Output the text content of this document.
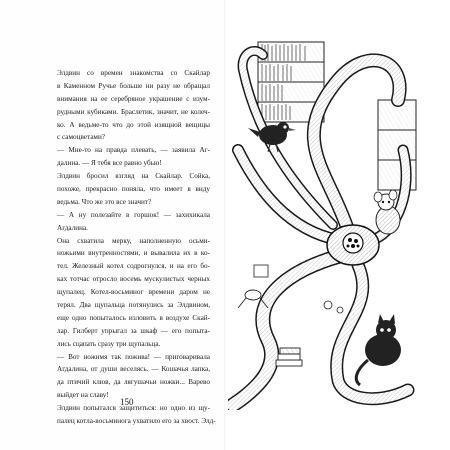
Элдвин со времен знакомства со Скайлар
в Каменном Ручье больше ни разу не обращал
внимания на ее серебряное украшение с изум-
рудными кубиками. Браслетик, значит, не колеч-
ко. А ведьме-то что до этой изящной вещицы
с самоцветами?
— Мне-то на правда плевать, — заявила Аг-
далина. — Я тебя все равно убью!
Элдвин бросил взгляд на Скайлар. Сойка,
похоже, прекрасно поняла, что имеет в виду
ведьма. Что же это все значит?
— А ну полезайте в горшок! — захихикала
Агдалина.
Она схватила мерку, наполненную осьми-
ножьими внутренностями, и вывалила их в ко-
тел. Железный котел содрогнулся, и на его бо-
ках тотчас отросло восемь мускулистых черных
щупалец. Котел-восьминог времени даром не
терял. Два щупальца потянулись за Элдвином,
еще одно попыталось изловить в воздухе Скай-
лар. Гилберт упрыгал за шкаф — его попыта-
лись сцапать сразу три щупальца.
— Вот ножимя так пожива! — приговаривала
Агдалина, от души веселясь. — Кошачья лапка,
да птичий клюв, да лягушачьи ножки... Варево
выйдет на славу!
Элдвин попытался защититься: но одно из щу-
палец котла-восьминога ухватило его за хвост. Элд-
150
